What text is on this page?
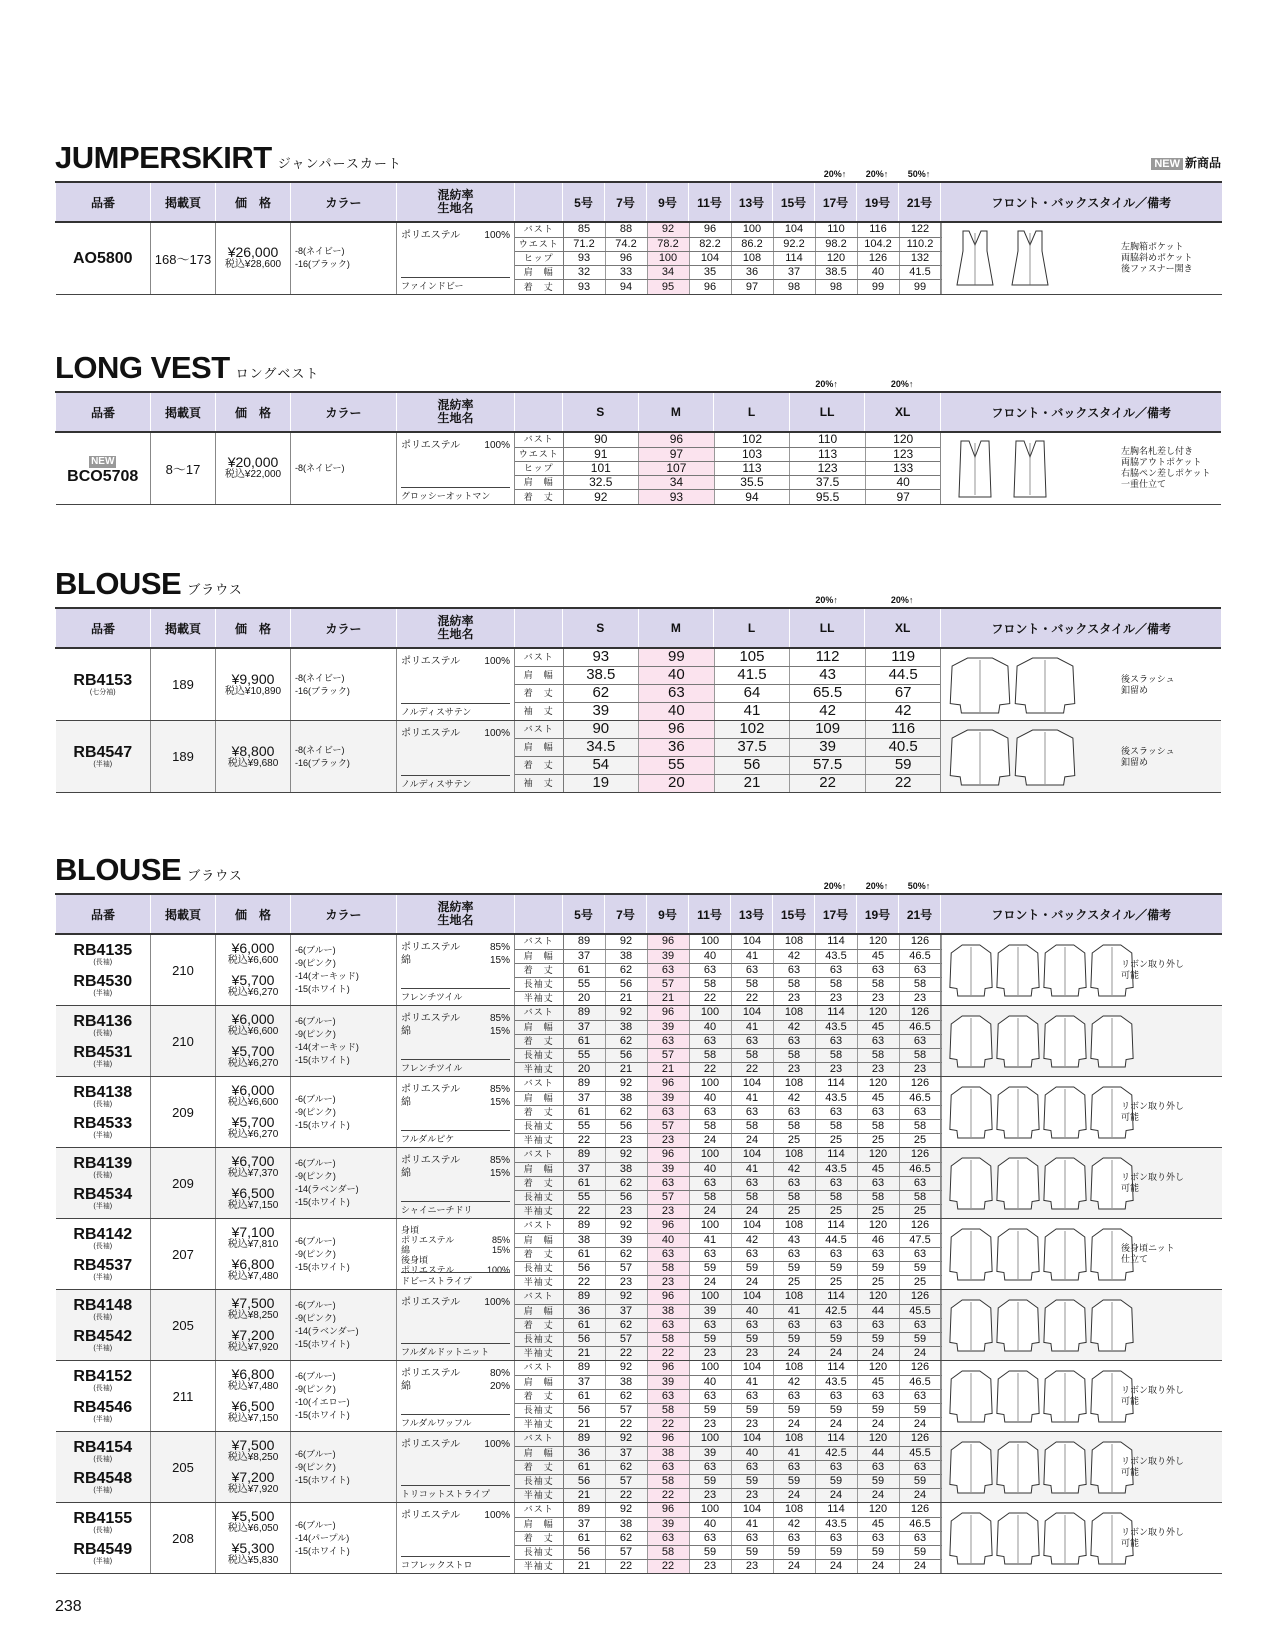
JUMPERSKIRT ジャンパースカート	NEW 新商品
20%↑	20%↑	50%↑
品番	掲載頁	価　格	カラー	
混紡率
生地名		5号	7号	9号	11号	13号	15号	17号	19号	21号	フロント・バックスタイル／備考

AO5800	168〜173	¥26,000
税込¥28,600

-8(ネイビー)
-16(ブラック)

ポリエステル 100%
ファインドビー

バスト	85	88	92	96	100	104	110	116	122
ウエスト	71.2	74.2	78.2	82.2	86.2	92.2	98.2	104.2	110.2
ヒップ	93	96	100	104	108	114	120	126	132
肩　幅	32	33	34	35	36	37	38.5	40	41.5
着　丈	93	94	95	96	97	98	98	99	99

左胸箱ポケット
両脇斜めポケット
後ファスナー開き
LONG VEST ロングベスト
20%↑	20%↑
品番	掲載頁	価　格	カラー	
混紡率
生地名		S	M	L	LL	XL	フロント・バックスタイル／備考

NEW
BCO5708	8〜17	¥20,000
税込¥22,000

-8(ネイビー)

ポリエステル 100%
グロッシーオットマン

バスト	90	96	102	110	120
ウエスト	91	97	103	113	123
ヒップ	101	107	113	123	133
肩　幅	32.5	34	35.5	37.5	40
着　丈	92	93	94	95.5	97

左胸名札差し付き
両脇アウトポケット
右脇ペン差しポケット
一重仕立て
BLOUSE ブラウス
20%↑	20%↑
品番	掲載頁	価　格	カラー	
混紡率
生地名		S	M	L	LL	XL	フロント・バックスタイル／備考

RB4153
(七分袖)
	189	¥9,900
税込¥10,890

-8(ネイビー)
-16(ブラック)

ポリエステル 100%
ノルディスサテン

バスト	93	99	105	112	119
肩　幅	38.5	40	41.5	43	44.5
着　丈	62	63	64	65.5	67
袖　丈	39	40	41	42	42

後スラッシュ
釦留め

RB4547
(半袖)
	189	¥8,800
税込¥9,680

-8(ネイビー)
-16(ブラック)

ポリエステル 100%
ノルディスサテン

バスト	90	96	102	109	116
肩　幅	34.5	36	37.5	39	40.5
着　丈	54	55	56	57.5	59
袖　丈	19	20	21	22	22

後スラッシュ
釦留め
BLOUSE ブラウス
20%↑	20%↑	50%↑
品番	掲載頁	価　格	カラー	
混紡率
生地名		5号	7号	9号	11号	13号	15号	17号	19号	21号	フロント・バックスタイル／備考

RB4135
(長袖)
RB4530
(半袖)
	210	
¥6,000
税込¥6,600
¥5,700
税込¥6,270

-6(ブルー)
-9(ピンク)
-14(オーキッド)
-15(ホワイト)

ポリエステル	85%
綿	15%
フレンチツイル

バスト	89	92	96	100	104	108	114	120	126
肩　幅	37	38	39	40	41	42	43.5	45	46.5
着　丈	61	62	63	63	63	63	63	63	63
長袖丈	55	56	57	58	58	58	58	58	58
半袖丈	20	21	21	22	22	23	23	23	23

リボン取り外し
可能

RB4136
(長袖)
RB4531
(半袖)
	210	
¥6,000
税込¥6,600
¥5,700
税込¥6,270

-6(ブルー)
-9(ピンク)
-14(オーキッド)
-15(ホワイト)

ポリエステル	85%
綿	15%
フレンチツイル

バスト	89	92	96	100	104	108	114	120	126
肩　幅	37	38	39	40	41	42	43.5	45	46.5
着　丈	61	62	63	63	63	63	63	63	63
長袖丈	55	56	57	58	58	58	58	58	58
半袖丈	20	21	21	22	22	23	23	23	23

RB4138
(長袖)
RB4533
(半袖)
	209	
¥6,000
税込¥6,600
¥5,700
税込¥6,270

-6(ブルー)
-9(ピンク)
-15(ホワイト)

ポリエステル	85%
綿	15%
フルダルピケ

バスト	89	92	96	100	104	108	114	120	126
肩　幅	37	38	39	40	41	42	43.5	45	46.5
着　丈	61	62	63	63	63	63	63	63	63
長袖丈	55	56	57	58	58	58	58	58	58
半袖丈	22	23	23	24	24	25	25	25	25

リボン取り外し
可能

RB4139
(長袖)
RB4534
(半袖)
	209	
¥6,700
税込¥7,370
¥6,500
税込¥7,150

-6(ブルー)
-9(ピンク)
-14(ラベンダー)
-15(ホワイト)

ポリエステル	85%
綿	15%
シャイニーチドリ

バスト	89	92	96	100	104	108	114	120	126
肩　幅	37	38	39	40	41	42	43.5	45	46.5
着　丈	61	62	63	63	63	63	63	63	63
長袖丈	55	56	57	58	58	58	58	58	58
半袖丈	22	23	23	24	24	25	25	25	25

リボン取り外し
可能

RB4142
(長袖)
RB4537
(半袖)
	207	
¥7,100
税込¥7,810
¥6,800
税込¥7,480

-6(ブルー)
-9(ピンク)
-15(ホワイト)

身頃
ポリエステル	85%
綿	15%
後身頃
ポリエステル	100%
ドビーストライプ

バスト	89	92	96	100	104	108	114	120	126
肩　幅	38	39	40	41	42	43	44.5	46	47.5
着　丈	61	62	63	63	63	63	63	63	63
長袖丈	56	57	58	59	59	59	59	59	59
半袖丈	22	23	23	24	24	25	25	25	25

後身頃ニット
仕立て

RB4148
(長袖)
RB4542
(半袖)
	205	
¥7,500
税込¥8,250
¥7,200
税込¥7,920

-6(ブルー)
-9(ピンク)
-14(ラベンダー)
-15(ホワイト)

ポリエステル 100%
フルダルドットニット

バスト	89	92	96	100	104	108	114	120	126
肩　幅	36	37	38	39	40	41	42.5	44	45.5
着　丈	61	62	63	63	63	63	63	63	63
長袖丈	56	57	58	59	59	59	59	59	59
半袖丈	21	22	22	23	23	24	24	24	24

RB4152
(長袖)
RB4546
(半袖)
	211	
¥6,800
税込¥7,480
¥6,500
税込¥7,150

-6(ブルー)
-9(ピンク)
-10(イエロー)
-15(ホワイト)

ポリエステル	80%
綿	20%
フルダルワッフル

バスト	89	92	96	100	104	108	114	120	126
肩　幅	37	38	39	40	41	42	43.5	45	46.5
着　丈	61	62	63	63	63	63	63	63	63
長袖丈	56	57	58	59	59	59	59	59	59
半袖丈	21	22	22	23	23	24	24	24	24

リボン取り外し
可能

RB4154
(長袖)
RB4548
(半袖)
	205	
¥7,500
税込¥8,250
¥7,200
税込¥7,920

-6(ブルー)
-9(ピンク)
-15(ホワイト)

ポリエステル 100%
トリコットストライプ

バスト	89	92	96	100	104	108	114	120	126
肩　幅	36	37	38	39	40	41	42.5	44	45.5
着　丈	61	62	63	63	63	63	63	63	63
長袖丈	56	57	58	59	59	59	59	59	59
半袖丈	21	22	22	23	23	24	24	24	24

リボン取り外し
可能

RB4155
(長袖)
RB4549
(半袖)
	208	
¥5,500
税込¥6,050
¥5,300
税込¥5,830

-6(ブルー)
-14(パープル)
-15(ホワイト)

ポリエステル 100%
コフレックストロ

バスト	89	92	96	100	104	108	114	120	126
肩　幅	37	38	39	40	41	42	43.5	45	46.5
着　丈	61	62	63	63	63	63	63	63	63
長袖丈	56	57	58	59	59	59	59	59	59
半袖丈	21	22	22	23	23	24	24	24	24

リボン取り外し
可能
238
